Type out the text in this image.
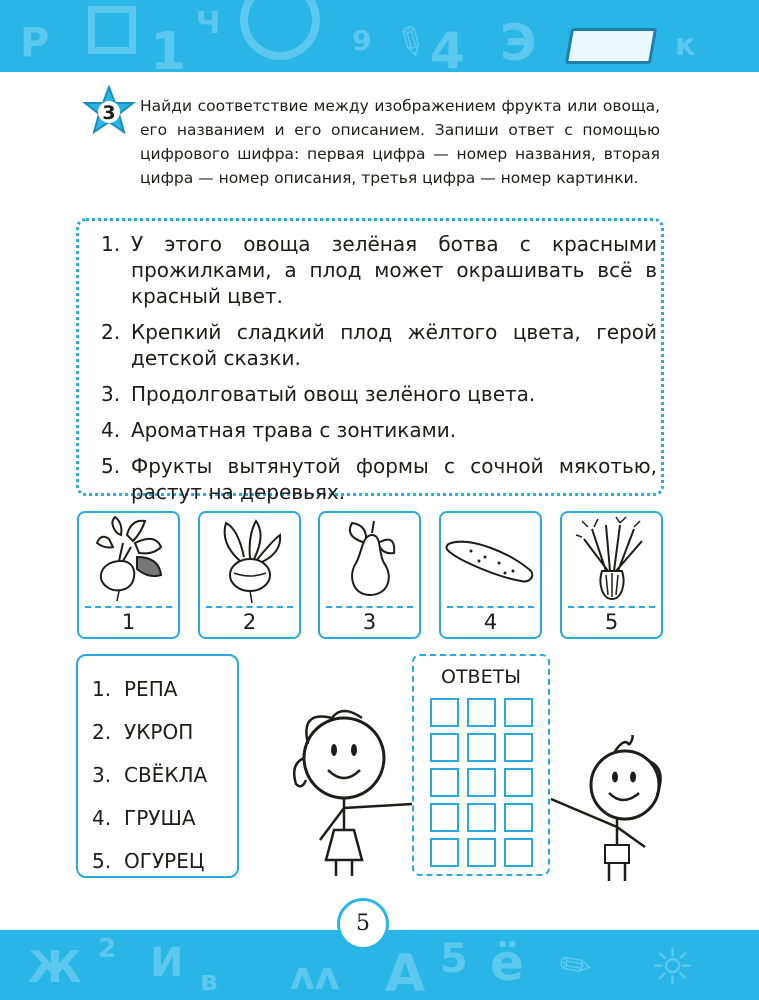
Р 1 Ч	9 ✎
4 Э	к
3 Найди соответствие между изображением фрукта или овоща, его названием и его описанием. Запиши ответ с помощью цифрового шифра: первая цифра — номер названия, вторая цифра — номер описания, третья цифра — номер картинки.
1. У этого овоща зелёная ботва с красными прожилками, а плод может окрашивать всё в красный цвет.
2. Крепкий сладкий плод жёлтого цвета, герой детской сказки.
3. Продолговатый овощ зелёного цвета.
4. Ароматная трава с зонтиками.
5. Фрукты вытянутой формы с сочной мякотью, растут на деревьях.
1	2	3	4	5
1. РЕПА
2. УКРОП
3. СВЁКЛА
4. ГРУША
5. ОГУРЕЦ
ОТВЕТЫ
Ж 2 И в ᴧᴧ А 5 ё ✎ ☼
5
